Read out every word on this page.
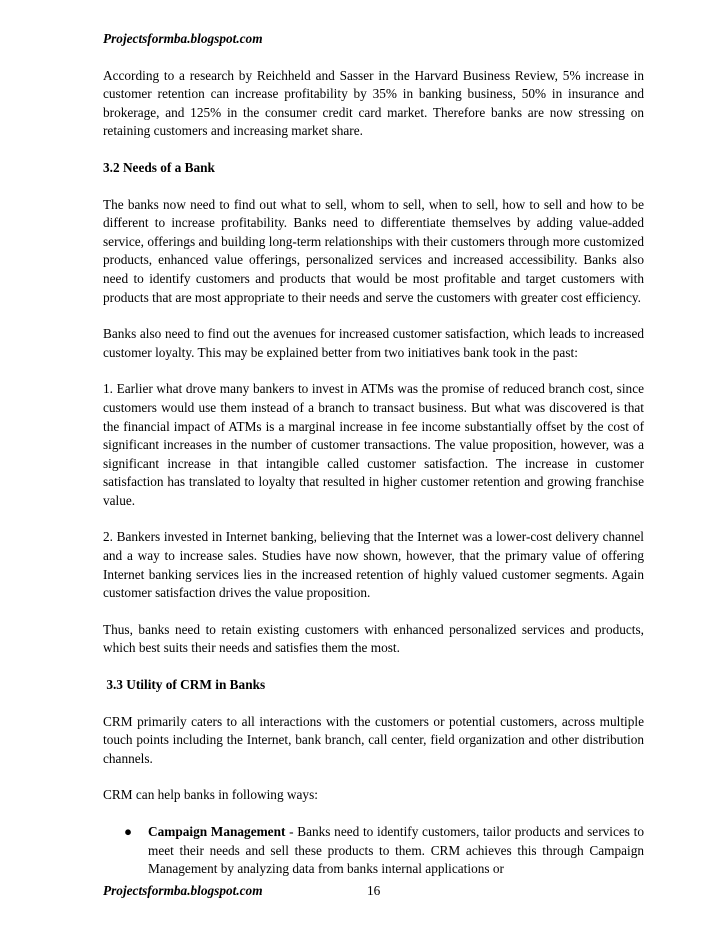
Projectsformba.blogspot.com

According to a research by Reichheld and Sasser in the Harvard Business Review, 5% increase in customer retention can increase profitability by 35% in banking business, 50% in insurance and brokerage, and 125% in the consumer credit card market. Therefore banks are now stressing on retaining customers and increasing market share.

3.2 Needs of a Bank

The banks now need to find out what to sell, whom to sell, when to sell, how to sell and how to be different to increase profitability. Banks need to differentiate themselves by adding value-added service, offerings and building long-term relationships with their customers through more customized products, enhanced value offerings, personalized services and increased accessibility. Banks also need to identify customers and products that would be most profitable and target customers with products that are most appropriate to their needs and serve the customers with greater cost efficiency.

Banks also need to find out the avenues for increased customer satisfaction, which leads to increased customer loyalty. This may be explained better from two initiatives bank took in the past:

1. Earlier what drove many bankers to invest in ATMs was the promise of reduced branch cost, since customers would use them instead of a branch to transact business. But what was discovered is that the financial impact of ATMs is a marginal increase in fee income substantially offset by the cost of significant increases in the number of customer transactions. The value proposition, however, was a significant increase in that intangible called customer satisfaction. The increase in customer satisfaction has translated to loyalty that resulted in higher customer retention and growing franchise value.

2. Bankers invested in Internet banking, believing that the Internet was a lower-cost delivery channel and a way to increase sales. Studies have now shown, however, that the primary value of offering Internet banking services lies in the increased retention of highly valued customer segments. Again customer satisfaction drives the value proposition.

Thus, banks need to retain existing customers with enhanced personalized services and products, which best suits their needs and satisfies them the most.

3.3 Utility of CRM in Banks

CRM primarily caters to all interactions with the customers or potential customers, across multiple touch points including the Internet, bank branch, call center, field organization and other distribution channels.

CRM can help banks in following ways:

● Campaign Management - Banks need to identify customers, tailor products and services to meet their needs and sell these products to them. CRM achieves this through Campaign Management by analyzing data from banks internal applications or
Projectsformba.blogspot.com	16
